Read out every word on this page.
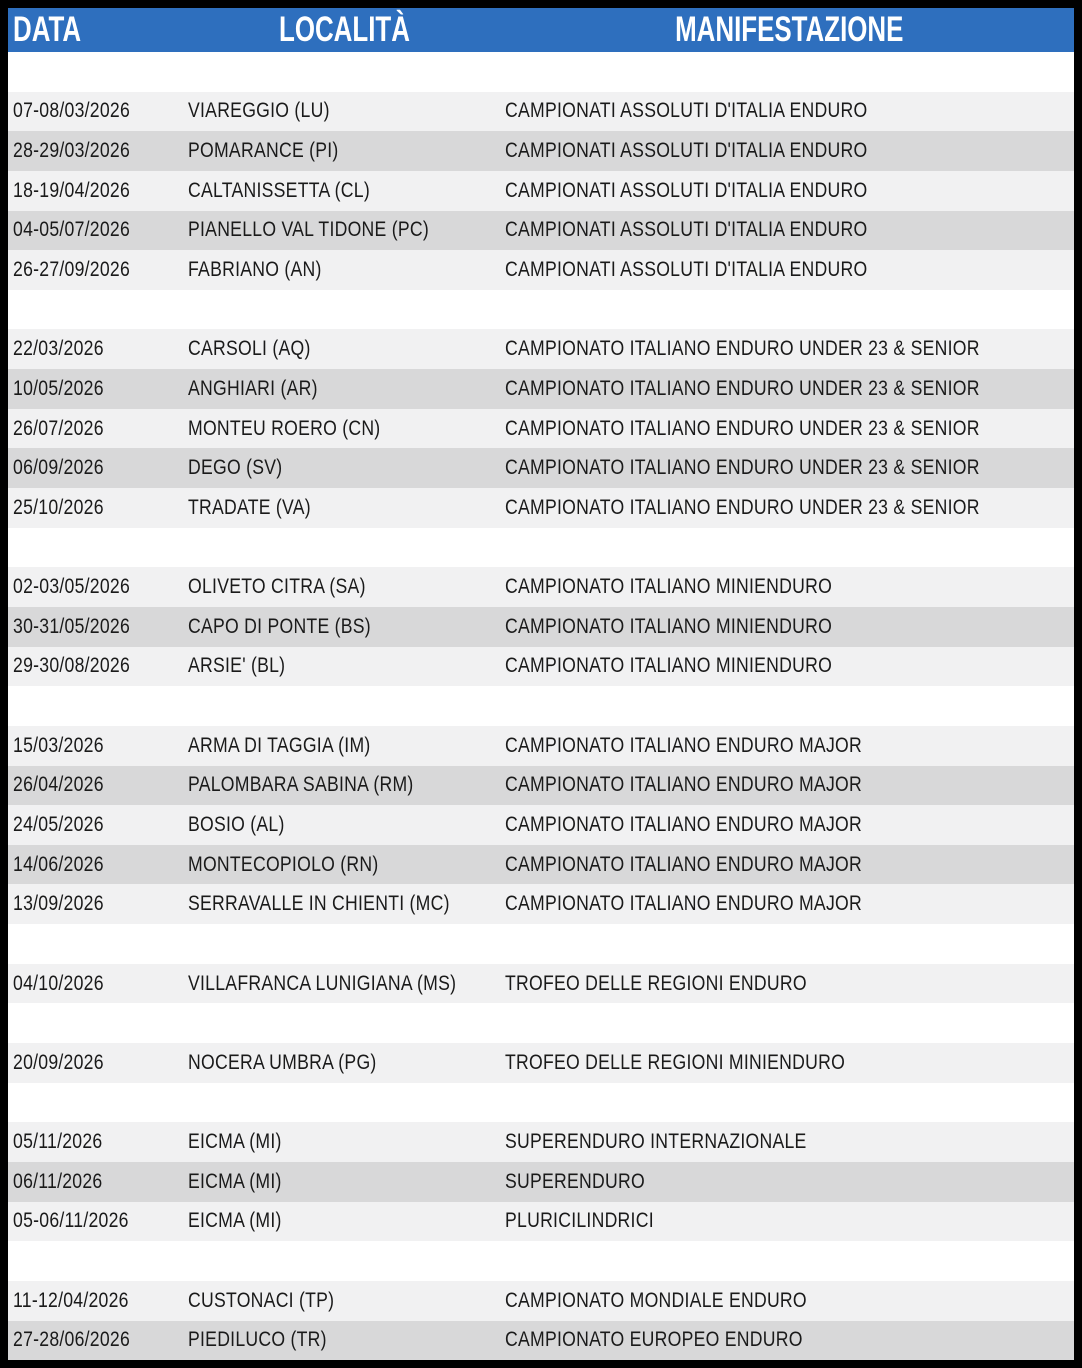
DATA	LOCALITÀ	MANIFESTAZIONE
07-08/03/2026	VIAREGGIO (LU)	CAMPIONATI ASSOLUTI D'ITALIA ENDURO
28-29/03/2026	POMARANCE (PI)	CAMPIONATI ASSOLUTI D'ITALIA ENDURO
18-19/04/2026	CALTANISSETTA (CL)	CAMPIONATI ASSOLUTI D'ITALIA ENDURO
04-05/07/2026	PIANELLO VAL TIDONE (PC)	CAMPIONATI ASSOLUTI D'ITALIA ENDURO
26-27/09/2026	FABRIANO (AN)	CAMPIONATI ASSOLUTI D'ITALIA ENDURO
22/03/2026	CARSOLI (AQ)	CAMPIONATO ITALIANO ENDURO UNDER 23 & SENIOR
10/05/2026	ANGHIARI (AR)	CAMPIONATO ITALIANO ENDURO UNDER 23 & SENIOR
26/07/2026	MONTEU ROERO (CN)	CAMPIONATO ITALIANO ENDURO UNDER 23 & SENIOR
06/09/2026	DEGO (SV)	CAMPIONATO ITALIANO ENDURO UNDER 23 & SENIOR
25/10/2026	TRADATE (VA)	CAMPIONATO ITALIANO ENDURO UNDER 23 & SENIOR
02-03/05/2026	OLIVETO CITRA (SA)	CAMPIONATO ITALIANO MINIENDURO
30-31/05/2026	CAPO DI PONTE (BS)	CAMPIONATO ITALIANO MINIENDURO
29-30/08/2026	ARSIE' (BL)	CAMPIONATO ITALIANO MINIENDURO
15/03/2026	ARMA DI TAGGIA (IM)	CAMPIONATO ITALIANO ENDURO MAJOR
26/04/2026	PALOMBARA SABINA (RM)	CAMPIONATO ITALIANO ENDURO MAJOR
24/05/2026	BOSIO (AL)	CAMPIONATO ITALIANO ENDURO MAJOR
14/06/2026	MONTECOPIOLO (RN)	CAMPIONATO ITALIANO ENDURO MAJOR
13/09/2026	SERRAVALLE IN CHIENTI (MC)	CAMPIONATO ITALIANO ENDURO MAJOR
04/10/2026	VILLAFRANCA LUNIGIANA (MS)	TROFEO DELLE REGIONI ENDURO
20/09/2026	NOCERA UMBRA (PG)	TROFEO DELLE REGIONI MINIENDURO
05/11/2026	EICMA (MI)	SUPERENDURO INTERNAZIONALE
06/11/2026	EICMA (MI)	SUPERENDURO
05-06/11/2026	EICMA (MI)	PLURICILINDRICI
11-12/04/2026	CUSTONACI (TP)	CAMPIONATO MONDIALE ENDURO
27-28/06/2026	PIEDILUCO (TR)	CAMPIONATO EUROPEO ENDURO
